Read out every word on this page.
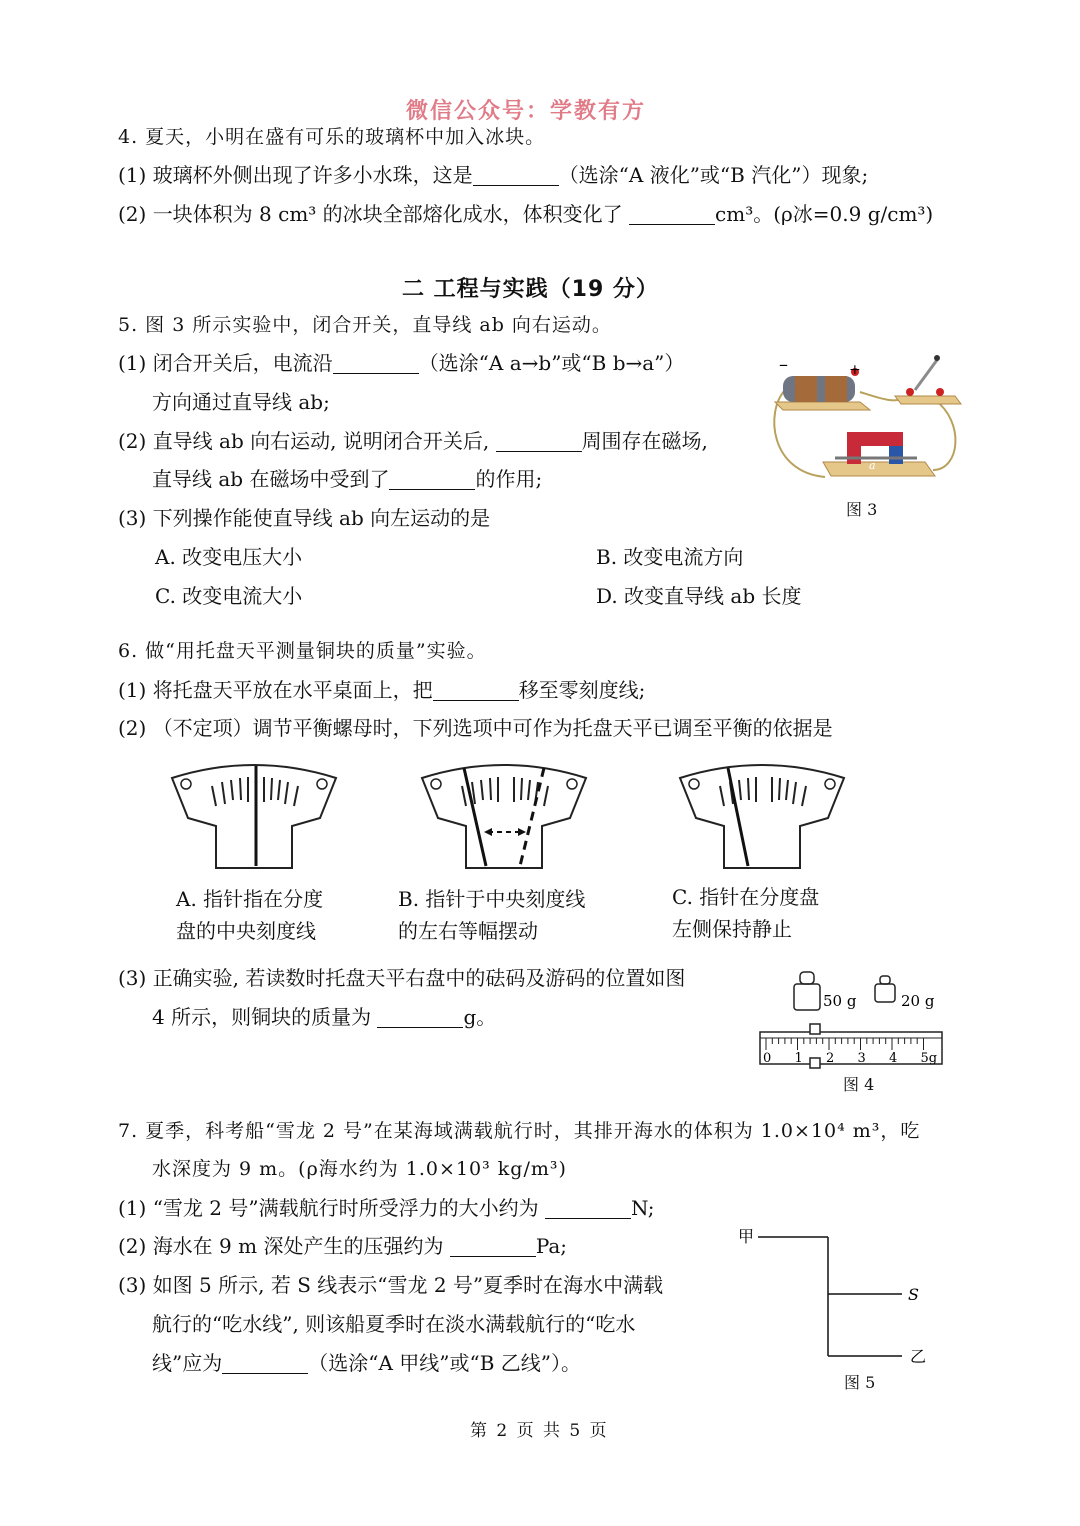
微信公众号：学教有方
4. 夏天，小明在盛有可乐的玻璃杯中加入冰块。
(1) 玻璃杯外侧出现了许多小水珠，这是	（选涂“A 液化”或“B 汽化”）现象;
(2) 一块体积为 8 cm³ 的冰块全部熔化成水，体积变化了	cm³。(ρ冰=0.9 g/cm³)
二 工程与实践（19 分）
5. 图 3 所示实验中，闭合开关，直导线 ab 向右运动。
(1) 闭合开关后，电流沿	（选涂“A a→b”或“B b→a”）
方向通过直导线 ab;
(2) 直导线 ab 向右运动, 说明闭合开关后,	周围存在磁场,
直导线 ab 在磁场中受到了	的作用;
(3) 下列操作能使直导线 ab 向左运动的是
A. 改变电压大小	B. 改变电流方向
C. 改变电流大小	D. 改变直导线 ab 长度
–	+
a
图 3
6. 做“用托盘天平测量铜块的质量”实验。
(1) 将托盘天平放在水平桌面上，把	移至零刻度线;
(2) （不定项）调节平衡螺母时，下列选项中可作为托盘天平已调至平衡的依据是
A. 指针指在分度
盘的中央刻度线
B. 指针于中央刻度线
的左右等幅摆动
C. 指针在分度盘
左侧保持静止
(3) 正确实验, 若读数时托盘天平右盘中的砝码及游码的位置如图
4 所示，则铜块的质量为	g。
50 g	20 g
0 1 2 3 4 5g
图 4
7. 夏季，科考船“雪龙 2 号”在某海域满载航行时，其排开海水的体积为 1.0×10⁴ m³，吃
水深度为 9 m。(ρ海水约为 1.0×10³ kg/m³)
(1) “雪龙 2 号”满载航行时所受浮力的大小约为	N;
(2) 海水在 9 m 深处产生的压强约为	Pa;
(3) 如图 5 所示, 若 S 线表示“雪龙 2 号”夏季时在海水中满载
航行的“吃水线”, 则该船夏季时在淡水满载航行的“吃水
线”应为	（选涂“A 甲线”或“B 乙线”）。
甲
S
乙
图 5
第 2 页 共 5 页
